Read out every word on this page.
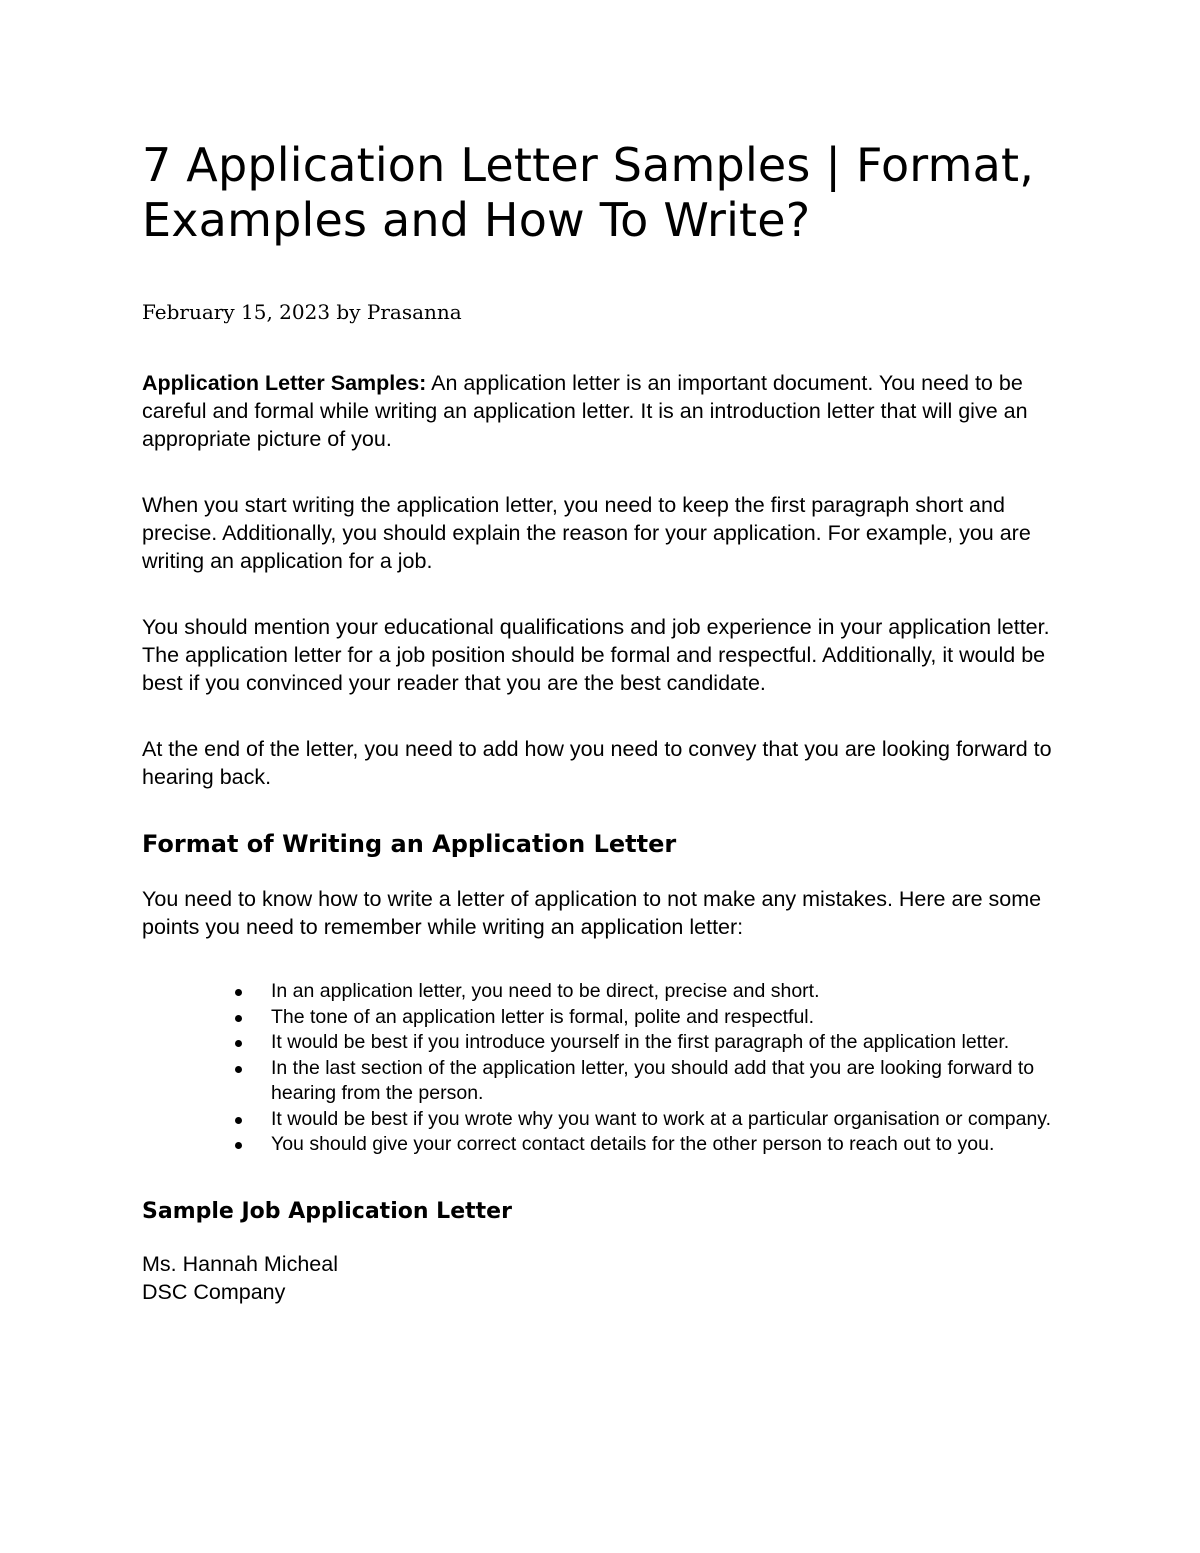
7 Application Letter Samples | Format, Examples and How To Write?

February 15, 2023 by Prasanna

Application Letter Samples: An application letter is an important document. You need to be careful and formal while writing an application letter. It is an introduction letter that will give an appropriate picture of you.

When you start writing the application letter, you need to keep the first paragraph short and precise. Additionally, you should explain the reason for your application. For example, you are writing an application for a job.

You should mention your educational qualifications and job experience in your application letter. The application letter for a job position should be formal and respectful. Additionally, it would be best if you convinced your reader that you are the best candidate.

At the end of the letter, you need to add how you need to convey that you are looking forward to hearing back.

Format of Writing an Application Letter

You need to know how to write a letter of application to not make any mistakes. Here are some points you need to remember while writing an application letter:

In an application letter, you need to be direct, precise and short.
The tone of an application letter is formal, polite and respectful.
It would be best if you introduce yourself in the first paragraph of the application letter.
In the last section of the application letter, you should add that you are looking forward to hearing from the person.
It would be best if you wrote why you want to work at a particular organisation or company.
You should give your correct contact details for the other person to reach out to you.
Sample Job Application Letter

Ms. Hannah Micheal
DSC Company
